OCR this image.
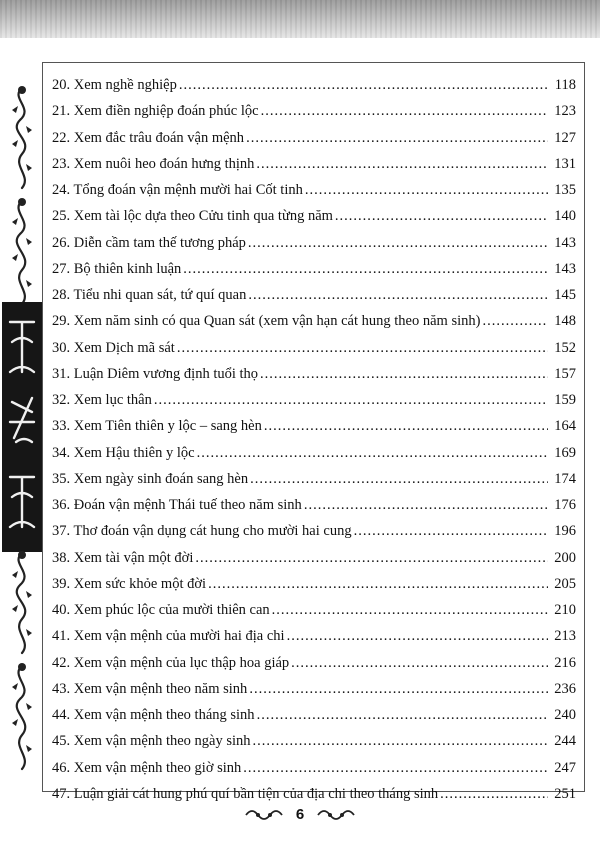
20. Xem nghề nghiệp .....	118
21. Xem điền nghiệp đoán phúc lộc .....	123
22. Xem đắc trâu đoán vận mệnh .....	127
23. Xem nuôi heo đoán hưng thịnh .....	131
24. Tổng đoán vận mệnh mười hai Cốt tinh .....	135
25. Xem tài lộc dựa theo Cửu tinh qua từng năm .....	140
26. Diễn cầm tam thế tương pháp .....	143
27. Bộ thiên kinh luận .....	143
28. Tiểu nhi quan sát, tứ quí quan .....	145
29. Xem năm sinh có qua Quan sát (xem vận hạn cát hung theo năm sinh) .....	148
30. Xem Dịch mã sát .....	152
31. Luận Diêm vương định tuổi thọ .....	157
32. Xem lục thân .....	159
33. Xem Tiên thiên y lộc – sang hèn .....	164
34. Xem Hậu thiên y lộc .....	169
35. Xem ngày sinh đoán sang hèn .....	174
36. Đoán vận mệnh Thái tuế theo năm sinh .....	176
37. Thơ đoán vận dụng cát hung cho mười hai cung .....	196
38. Xem tài vận một đời .....	200
39. Xem sức khỏe một đời .....	205
40. Xem phúc lộc của mười thiên can .....	210
41. Xem vận mệnh của mười hai địa chi .....	213
42. Xem vận mệnh của lục thập hoa giáp .....	216
43. Xem vận mệnh theo năm sinh .....	236
44. Xem vận mệnh theo tháng sinh .....	240
45. Xem vận mệnh theo ngày sinh .....	244
46. Xem vận mệnh theo giờ sinh .....	247
47. Luận giải cát hung phú quí bần tiện của địa chi theo tháng sinh .....	251
6
